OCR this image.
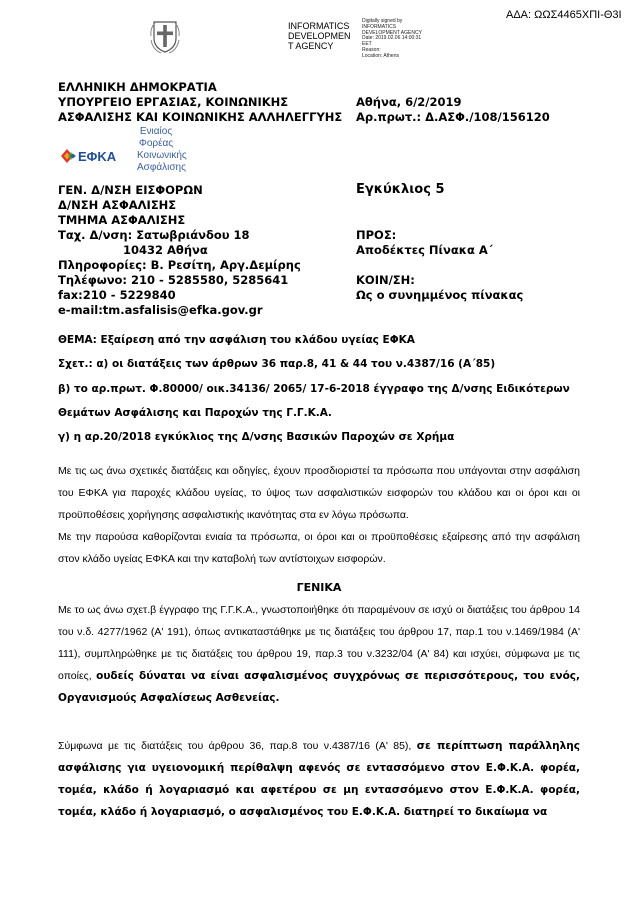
ΑΔΑ: ΩΩΣ4465ΧΠΙ-Θ3Ι
INFORMATICS
DEVELOPMEN
T AGENCY
Digitally signed by
INFORMATICS
DEVELOPMENT AGENCY
Date: 2019.02.06 14:00:31
EET
Reason:
Location: Athens
ΕΛΛΗΝΙΚΗ ΔΗΜΟΚΡΑΤΙΑ
ΥΠΟΥΡΓΕΙΟ ΕΡΓΑΣΙΑΣ, ΚΟΙΝΩΝΙΚΗΣ
ΑΣΦΑΛΙΣΗΣ ΚΑΙ ΚΟΙΝΩΝΙΚΗΣ ΑΛΛΗΛΕΓΓΥΗΣ
Αθήνα, 6/2/2019
Αρ.πρωτ.: Δ.ΑΣΦ./108/156120
ΕΦΚΑ
Ενιαίος
Φορέας
Κοινωνικής
Ασφάλισης
ΓΕΝ. Δ/ΝΣΗ ΕΙΣΦΟΡΩΝ
Δ/ΝΣΗ ΑΣΦΑΛΙΣΗΣ
ΤΜΗΜΑ ΑΣΦΑΛΙΣΗΣ
Ταχ. Δ/νση: Σατωβριάνδου 18
10432 Αθήνα
Πληροφορίες: Β. Ρεσίτη, Αργ.Δεμίρης
Τηλέφωνο: 210 - 5285580, 5285641
fax:210 - 5229840
e-mail:tm.asfalisis@efka.gov.gr
Εγκύκλιος 5
ΠΡΟΣ:
Αποδέκτες Πίνακα Α΄
ΚΟΙΝ/ΣΗ:
Ως ο συνημμένος πίνακας
ΘΕΜΑ: Εξαίρεση από την ασφάλιση του κλάδου υγείας ΕΦΚΑ
Σχετ.: α) οι διατάξεις των άρθρων 36 παρ.8, 41 & 44 του ν.4387/16 (Α΄85)
β) το αρ.πρωτ. Φ.80000/ οικ.34136/ 2065/ 17-6-2018 έγγραφο της Δ/νσης Ειδικότερων
Θεμάτων Ασφάλισης και Παροχών της Γ.Γ.Κ.Α.
γ) η αρ.20/2018 εγκύκλιος της Δ/νσης Βασικών Παροχών σε Χρήμα

Με τις ως άνω σχετικές διατάξεις και οδηγίες, έχουν προσδιοριστεί τα πρόσωπα που υπάγονται στην ασφάλιση του ΕΦΚΑ για παροχές κλάδου υγείας, το ύψος των ασφαλιστικών εισφορών του κλάδου και οι όροι και οι προϋποθέσεις χορήγησης ασφαλιστικής ικανότητας στα εν λόγω πρόσωπα.

Με την παρούσα καθορίζονται ενιαία τα πρόσωπα, οι όροι και οι προϋποθέσεις εξαίρεσης από την ασφάλιση στον κλάδο υγείας ΕΦΚΑ και την καταβολή των αντίστοιχων εισφορών.

ΓΕΝΙΚΑ

Με το ως άνω σχετ.β έγγραφο της Γ.Γ.Κ.Α., γνωστοποιήθηκε ότι παραμένουν σε ισχύ οι διατάξεις του άρθρου 14 του ν.δ. 4277/1962 (Α' 191), όπως αντικαταστάθηκε με τις διατάξεις του άρθρου 17, παρ.1 του ν.1469/1984 (Α' 111), συμπληρώθηκε με τις διατάξεις του άρθρου 19, παρ.3 του ν.3232/04 (Α' 84) και ισχύει, σύμφωνα με τις οποίες, ουδείς δύναται να είναι ασφαλισμένος συγχρόνως σε περισσότερους, του ενός, Οργανισμούς Ασφαλίσεως Ασθενείας.

Σύμφωνα με τις διατάξεις του άρθρου 36, παρ.8 του ν.4387/16 (Α' 85), σε περίπτωση παράλληλης ασφάλισης για υγειονομική περίθαλψη αφενός σε εντασσόμενο στον Ε.Φ.Κ.Α. φορέα, τομέα, κλάδο ή λογαριασμό και αφετέρου σε μη εντασσόμενο στον Ε.Φ.Κ.Α. φορέα, τομέα, κλάδο ή λογαριασμό, ο ασφαλισμένος του Ε.Φ.Κ.Α. διατηρεί το δικαίωμα να
